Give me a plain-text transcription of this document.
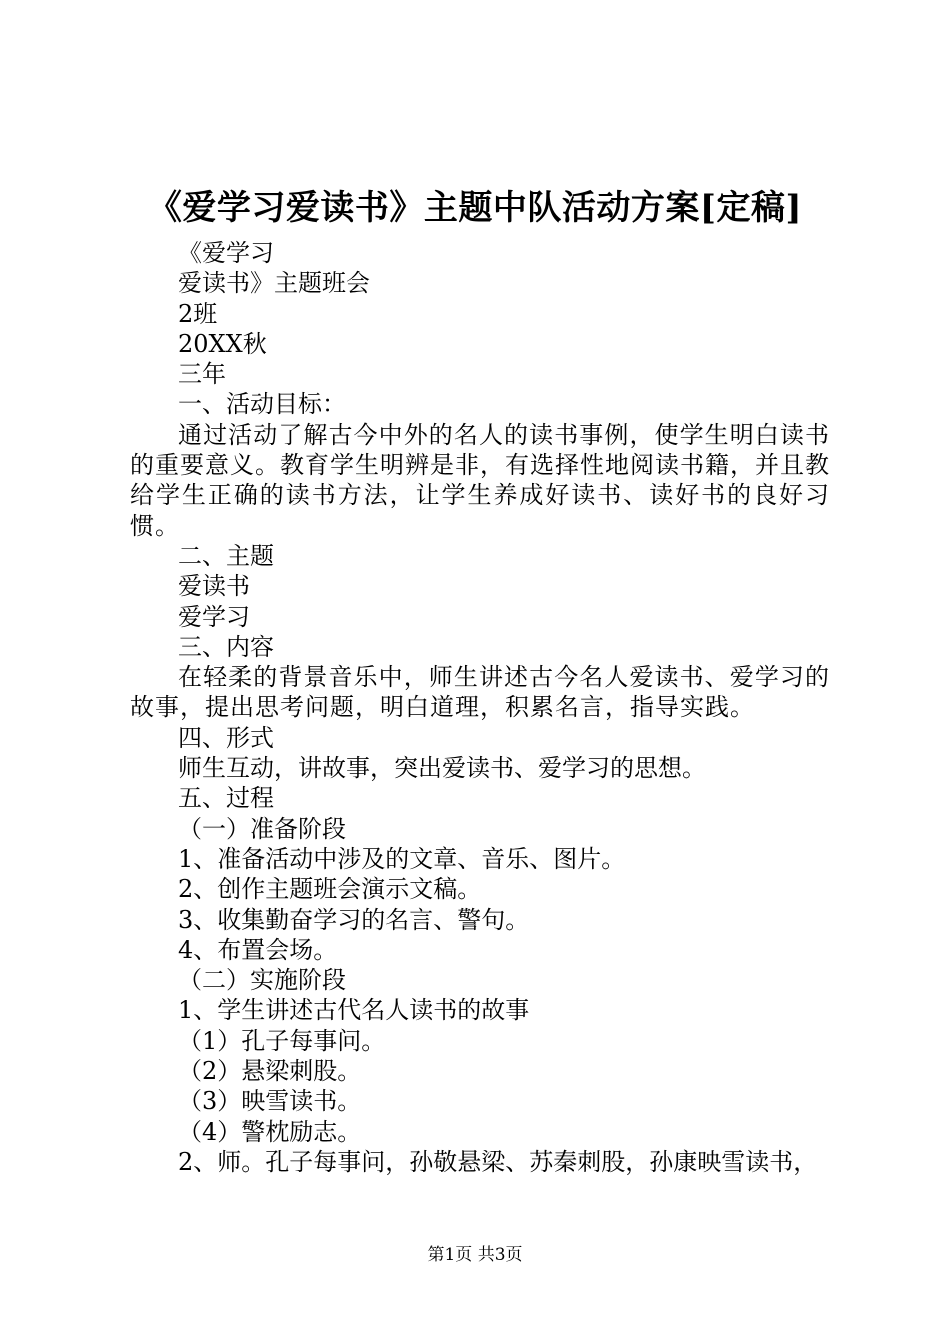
《爱学习爱读书》主题中队活动方案[定稿]
《爱学习
爱读书》主题班会
2班
20XX秋
三年
一、活动目标：
通过活动了解古今中外的名人的读书事例，使学生明白读书的重要意义。教育学生明辨是非，有选择性地阅读书籍，并且教给学生正确的读书方法，让学生养成好读书、读好书的良好习惯。
二、主题
爱读书
爱学习
三、内容
在轻柔的背景音乐中，师生讲述古今名人爱读书、爱学习的故事，提出思考问题，明白道理，积累名言，指导实践。
四、形式
师生互动，讲故事，突出爱读书、爱学习的思想。
五、过程
（一）准备阶段
1、准备活动中涉及的文章、音乐、图片。
2、创作主题班会演示文稿。
3、收集勤奋学习的名言、警句。
4、布置会场。
（二）实施阶段
1、学生讲述古代名人读书的故事
（1）孔子每事问。
（2）悬梁刺股。
（3）映雪读书。
（4）警枕励志。
2、师。孔子每事问，孙敬悬梁、苏秦刺股，孙康映雪读书，
第1页 共3页
